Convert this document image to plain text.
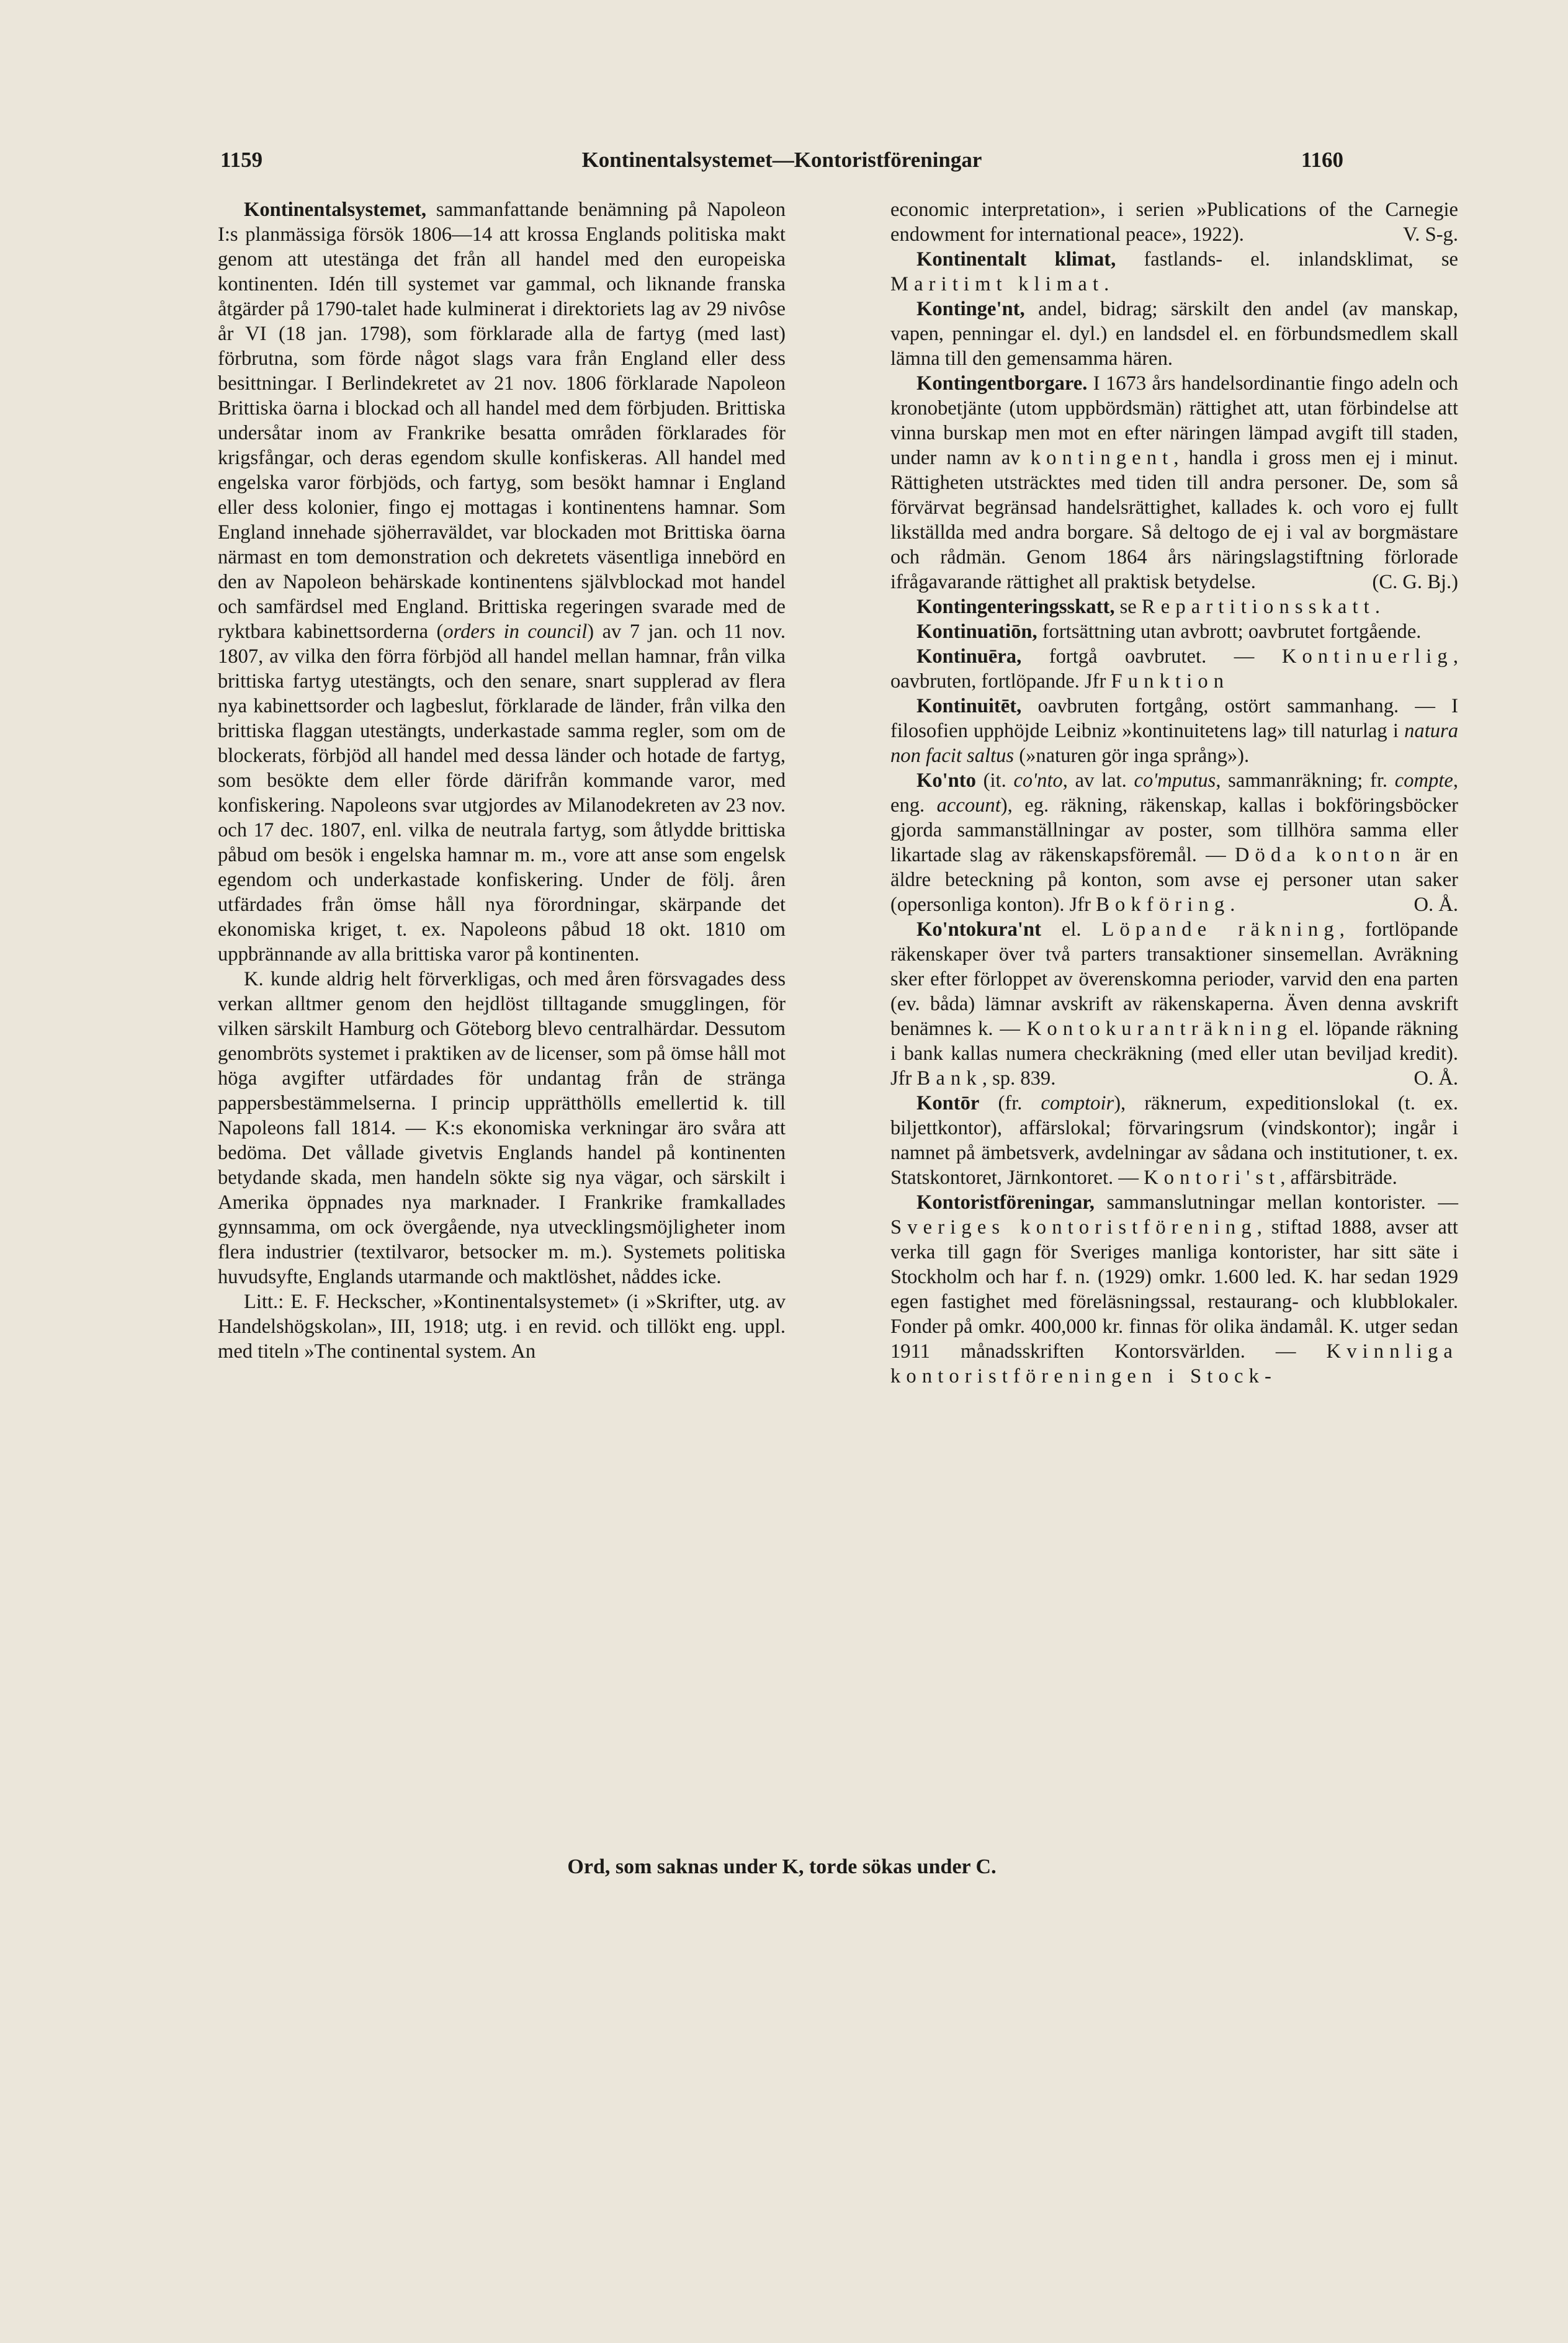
1159	Kontinentalsystemet—Kontoristföreningar	1160

Kontinentalsystemet, sammanfattande benämning på Napoleon I:s planmässiga försök 1806—14 att krossa Englands politiska makt genom att utestänga det från all handel med den europeiska kontinenten. Idén till systemet var gammal, och liknande franska åtgärder på 1790-talet hade kulminerat i direktoriets lag av 29 nivôse år VI (18 jan. 1798), som förklarade alla de fartyg (med last) förbrutna, som förde något slags vara från England eller dess besittningar. I Berlindekretet av 21 nov. 1806 förklarade Napoleon Brittiska öarna i blockad och all handel med dem förbjuden. Brittiska undersåtar inom av Frankrike besatta områden förklarades för krigsfångar, och deras egendom skulle konfiskeras. All handel med engelska varor förbjöds, och fartyg, som besökt hamnar i England eller dess kolonier, fingo ej mottagas i kontinentens hamnar. Som England innehade sjöherraväldet, var blockaden mot Brittiska öarna närmast en tom demonstration och dekretets väsentliga innebörd en den av Napoleon behärskade kontinentens självblockad mot handel och samfärdsel med England. Brittiska regeringen svarade med de ryktbara kabinettsorderna (orders in council) av 7 jan. och 11 nov. 1807, av vilka den förra förbjöd all handel mellan hamnar, från vilka brittiska fartyg utestängts, och den senare, snart supplerad av flera nya kabinettsorder och lagbeslut, förklarade de länder, från vilka den brittiska flaggan utestängts, underkastade samma regler, som om de blockerats, förbjöd all handel med dessa länder och hotade de fartyg, som besökte dem eller förde därifrån kommande varor, med konfiskering. Napoleons svar utgjordes av Milanodekreten av 23 nov. och 17 dec. 1807, enl. vilka de neutrala fartyg, som åtlydde brittiska påbud om besök i engelska hamnar m. m., vore att anse som engelsk egendom och underkastade konfiskering. Under de följ. åren utfärdades från ömse håll nya förordningar, skärpande det ekonomiska kriget, t. ex. Napoleons påbud 18 okt. 1810 om uppbrännande av alla brittiska varor på kontinenten.

K. kunde aldrig helt förverkligas, och med åren försvagades dess verkan alltmer genom den hejdlöst tilltagande smugglingen, för vilken särskilt Hamburg och Göteborg blevo centralhärdar. Dessutom genombröts systemet i praktiken av de licenser, som på ömse håll mot höga avgifter utfärdades för undantag från de stränga pappersbestämmelserna. I princip upprätthölls emellertid k. till Napoleons fall 1814. — K:s ekonomiska verkningar äro svåra att bedöma. Det vållade givetvis Englands handel på kontinenten betydande skada, men handeln sökte sig nya vägar, och särskilt i Amerika öppnades nya marknader. I Frankrike framkallades gynnsamma, om ock övergående, nya utvecklingsmöjligheter inom flera industrier (textilvaror, betsocker m. m.). Systemets politiska huvudsyfte, Englands utarmande och maktlöshet, nåddes icke.

Litt.: E. F. Heckscher, »Kontinentalsystemet» (i »Skrifter, utg. av Handelshögskolan», III, 1918; utg. i en revid. och tillökt eng. uppl. med titeln »The continental system. An

economic interpretation», i serien »Publications of the Carnegie endowment for international peace», 1922).	V. S-g.

Kontinentalt klimat, fastlands- el. inlandsklimat, se Maritimt klimat.

Kontinge'nt, andel, bidrag; särskilt den andel (av manskap, vapen, penningar el. dyl.) en landsdel el. en förbundsmedlem skall lämna till den gemensamma hären.

Kontingentborgare. I 1673 års handelsordinantie fingo adeln och kronobetjänte (utom uppbördsmän) rättighet att, utan förbindelse att vinna burskap men mot en efter näringen lämpad avgift till staden, under namn av kontingent, handla i gross men ej i minut. Rättigheten utsträcktes med tiden till andra personer. De, som så förvärvat begränsad handelsrättighet, kallades k. och voro ej fullt likställda med andra borgare. Så deltogo de ej i val av borgmästare och rådmän. Genom 1864 års näringslagstiftning förlorade ifrågavarande rättighet all praktisk betydelse.	(C. G. Bj.)

Kontingenteringsskatt, se Repartitionsskatt.

Kontinuatiōn, fortsättning utan avbrott; oavbrutet fortgående.

Kontinuēra, fortgå oavbrutet. — Kontinuerlig, oavbruten, fortlöpande. Jfr Funktion

Kontinuitēt, oavbruten fortgång, ostört sammanhang. — I filosofien upphöjde Leibniz »kontinuitetens lag» till naturlag i natura non facit saltus (»naturen gör inga språng»).

Ko'nto (it. co'nto, av lat. co'mputus, sammanräkning; fr. compte, eng. account), eg. räkning, räkenskap, kallas i bokföringsböcker gjorda sammanställningar av poster, som tillhöra samma eller likartade slag av räkenskapsföremål. — Döda konton är en äldre beteckning på konton, som avse ej personer utan saker (opersonliga konton). Jfr Bokföring.	O. Å.

Ko'ntokura'nt el. Löpande räkning, fortlöpande räkenskaper över två parters transaktioner sinsemellan. Avräkning sker efter förloppet av överenskomna perioder, varvid den ena parten (ev. båda) lämnar avskrift av räkenskaperna. Även denna avskrift benämnes k. — Kontokuranträkning el. löpande räkning i bank kallas numera checkräkning (med eller utan beviljad kredit). Jfr Bank, sp. 839.	O. Å.

Kontōr (fr. comptoir), räknerum, expeditionslokal (t. ex. biljettkontor), affärslokal; förvaringsrum (vindskontor); ingår i namnet på ämbetsverk, avdelningar av sådana och institutioner, t. ex. Statskontoret, Järnkontoret. — Kontori'st, affärsbiträde.

Kontoristföreningar, sammanslutningar mellan kontorister. — Sveriges kontoristförening, stiftad 1888, avser att verka till gagn för Sveriges manliga kontorister, har sitt säte i Stockholm och har f. n. (1929) omkr. 1.600 led. K. har sedan 1929 egen fastighet med föreläsningssal, restaurang- och klubblokaler. Fonder på omkr. 400,000 kr. finnas för olika ändamål. K. utger sedan 1911 månadsskriften Kontorsvärlden. — Kvinnliga kontoristföreningen i Stock-

Ord, som saknas under K, torde sökas under C.
